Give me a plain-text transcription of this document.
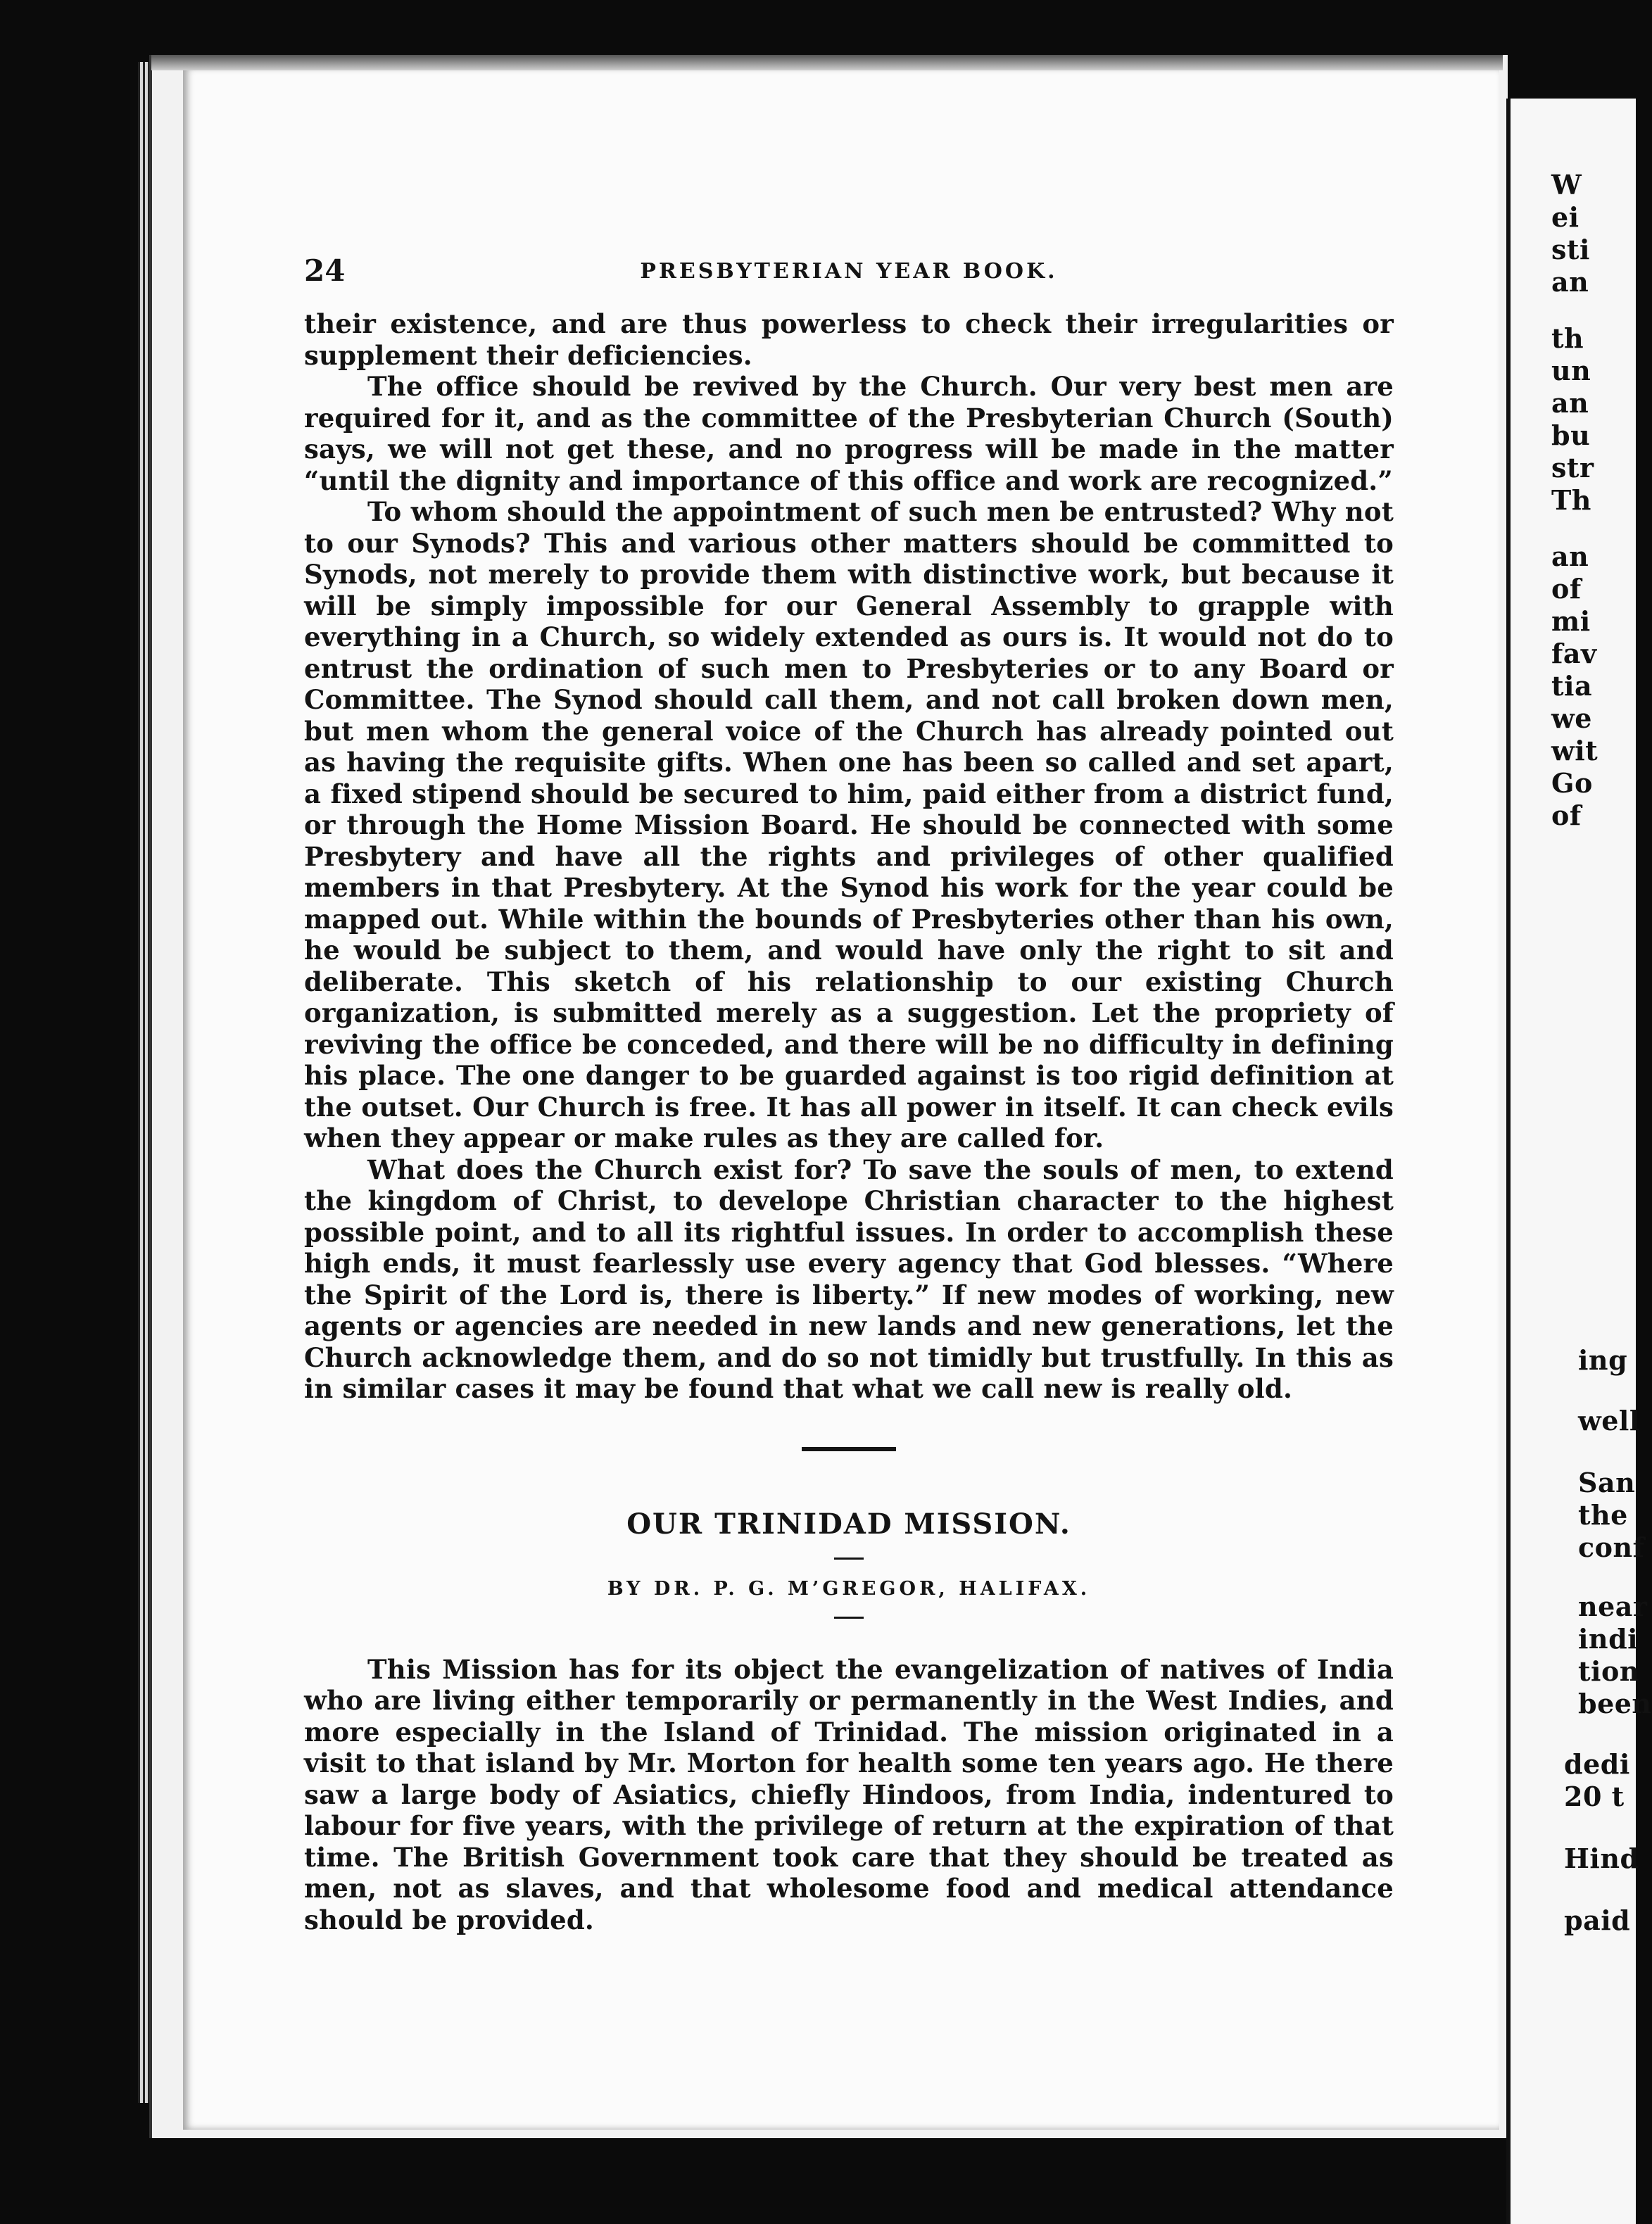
W
ei
sti
an
th
un
an
bu
str
Th
an
of
mi
fav
tia
we
wit
Go
of
ing
well
San
the
conf
near
indi
tion
been
dedi
20 t
Hind
paid
24	PRESBYTERIAN YEAR BOOK.

their existence, and are thus powerless to check their irregularities or supplement their deficiencies.

The office should be revived by the Church. Our very best men are required for it, and as the committee of the Presbyterian Church (South) says, we will not get these, and no progress will be made in the matter “until the dignity and importance of this office and work are recognized.”

To whom should the appointment of such men be entrusted? Why not to our Synods? This and various other matters should be committed to Synods, not merely to provide them with distinctive work, but because it will be simply impossible for our General Assembly to grapple with everything in a Church, so widely extended as ours is. It would not do to entrust the ordination of such men to Presbyteries or to any Board or Committee. The Synod should call them, and not call broken down men, but men whom the general voice of the Church has already pointed out as having the requisite gifts. When one has been so called and set apart, a fixed stipend should be secured to him, paid either from a district fund, or through the Home Mission Board. He should be connected with some Presbytery and have all the rights and privileges of other qualified members in that Presbytery. At the Synod his work for the year could be mapped out. While within the bounds of Presbyteries other than his own, he would be subject to them, and would have only the right to sit and deliberate. This sketch of his relationship to our existing Church organization, is submitted merely as a suggestion. Let the propriety of reviving the office be conceded, and there will be no difficulty in defining his place. The one danger to be guarded against is too rigid definition at the outset. Our Church is free. It has all power in itself. It can check evils when they appear or make rules as they are called for.

What does the Church exist for? To save the souls of men, to extend the kingdom of Christ, to develope Christian character to the highest possible point, and to all its rightful issues. In order to accomplish these high ends, it must fearlessly use every agency that God blesses. “Where the Spirit of the Lord is, there is liberty.” If new modes of working, new agents or agencies are needed in new lands and new generations, let the Church acknowledge them, and do so not timidly but trustfully. In this as in similar cases it may be found that what we call new is really old.

OUR TRINIDAD MISSION.

BY DR. P. G. M’GREGOR, HALIFAX.

This Mission has for its object the evangelization of natives of India who are living either temporarily or permanently in the West Indies, and more especially in the Island of Trinidad. The mission originated in a visit to that island by Mr. Morton for health some ten years ago. He there saw a large body of Asiatics, chiefly Hindoos, from India, indentured to labour for five years, with the privilege of return at the expiration of that time. The British Government took care that they should be treated as men, not as slaves, and that wholesome food and medical attendance should be provided.
